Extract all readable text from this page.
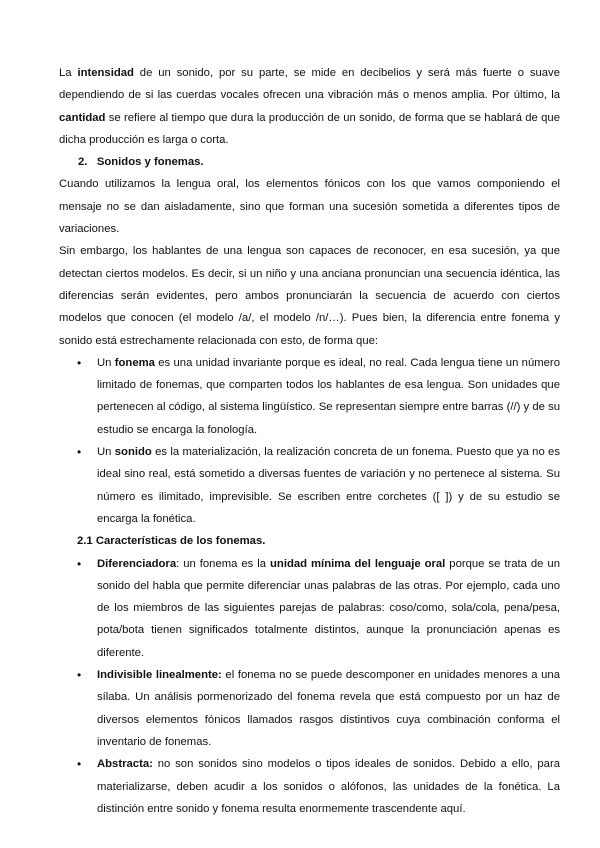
La intensidad de un sonido, por su parte, se mide en decibelios y será más fuerte o suave dependiendo de si las cuerdas vocales ofrecen una vibración más o menos amplia. Por último, la cantidad se refiere al tiempo que dura la producción de un sonido, de forma que se hablará de que dicha producción es larga o corta.

2.   Sonidos y fonemas.

Cuando utilizamos la lengua oral, los elementos fónicos con los que vamos componiendo el mensaje no se dan aisladamente, sino que forman una sucesión sometida a diferentes tipos de variaciones.

Sin embargo, los hablantes de una lengua son capaces de reconocer, en esa sucesión, ya que detectan ciertos modelos. Es decir, si un niño y una anciana pronuncian una secuencia idéntica, las diferencias serán evidentes, pero ambos pronunciarán la secuencia de acuerdo con ciertos modelos que conocen (el modelo /a/, el modelo /n/…). Pues bien, la diferencia entre fonema y sonido está estrechamente relacionada con esto, de forma que:

• Un fonema es una unidad invariante porque es ideal, no real. Cada lengua tiene un número limitado de fonemas, que comparten todos los hablantes de esa lengua. Son unidades que pertenecen al código, al sistema lingüístico. Se representan siempre entre barras (//) y de su estudio se encarga la fonología.
• Un sonido es la materialización, la realización concreta de un fonema. Puesto que ya no es ideal sino real, está sometido a diversas fuentes de variación y no pertenece al sistema. Su número es ilimitado, imprevisible. Se escriben entre corchetes ([ ]) y de su estudio se encarga la fonética.

2.1 Características de los fonemas.

• Diferenciadora: un fonema es la unidad mínima del lenguaje oral porque se trata de un sonido del habla que permite diferenciar unas palabras de las otras. Por ejemplo, cada uno de los miembros de las siguientes parejas de palabras: coso/como, sola/cola, pena/pesa, pota/bota tienen significados totalmente distintos, aunque la pronunciación apenas es diferente.
• Indivisible linealmente: el fonema no se puede descomponer en unidades menores a una sílaba. Un análisis pormenorizado del fonema revela que está compuesto por un haz de diversos elementos fónicos llamados rasgos distintivos cuya combinación conforma el inventario de fonemas.
• Abstracta: no son sonidos sino modelos o tipos ideales de sonidos. Debido a ello, para materializarse, deben acudir a los sonidos o alófonos, las unidades de la fonética. La distinción entre sonido y fonema resulta enormemente trascendente aquí.
